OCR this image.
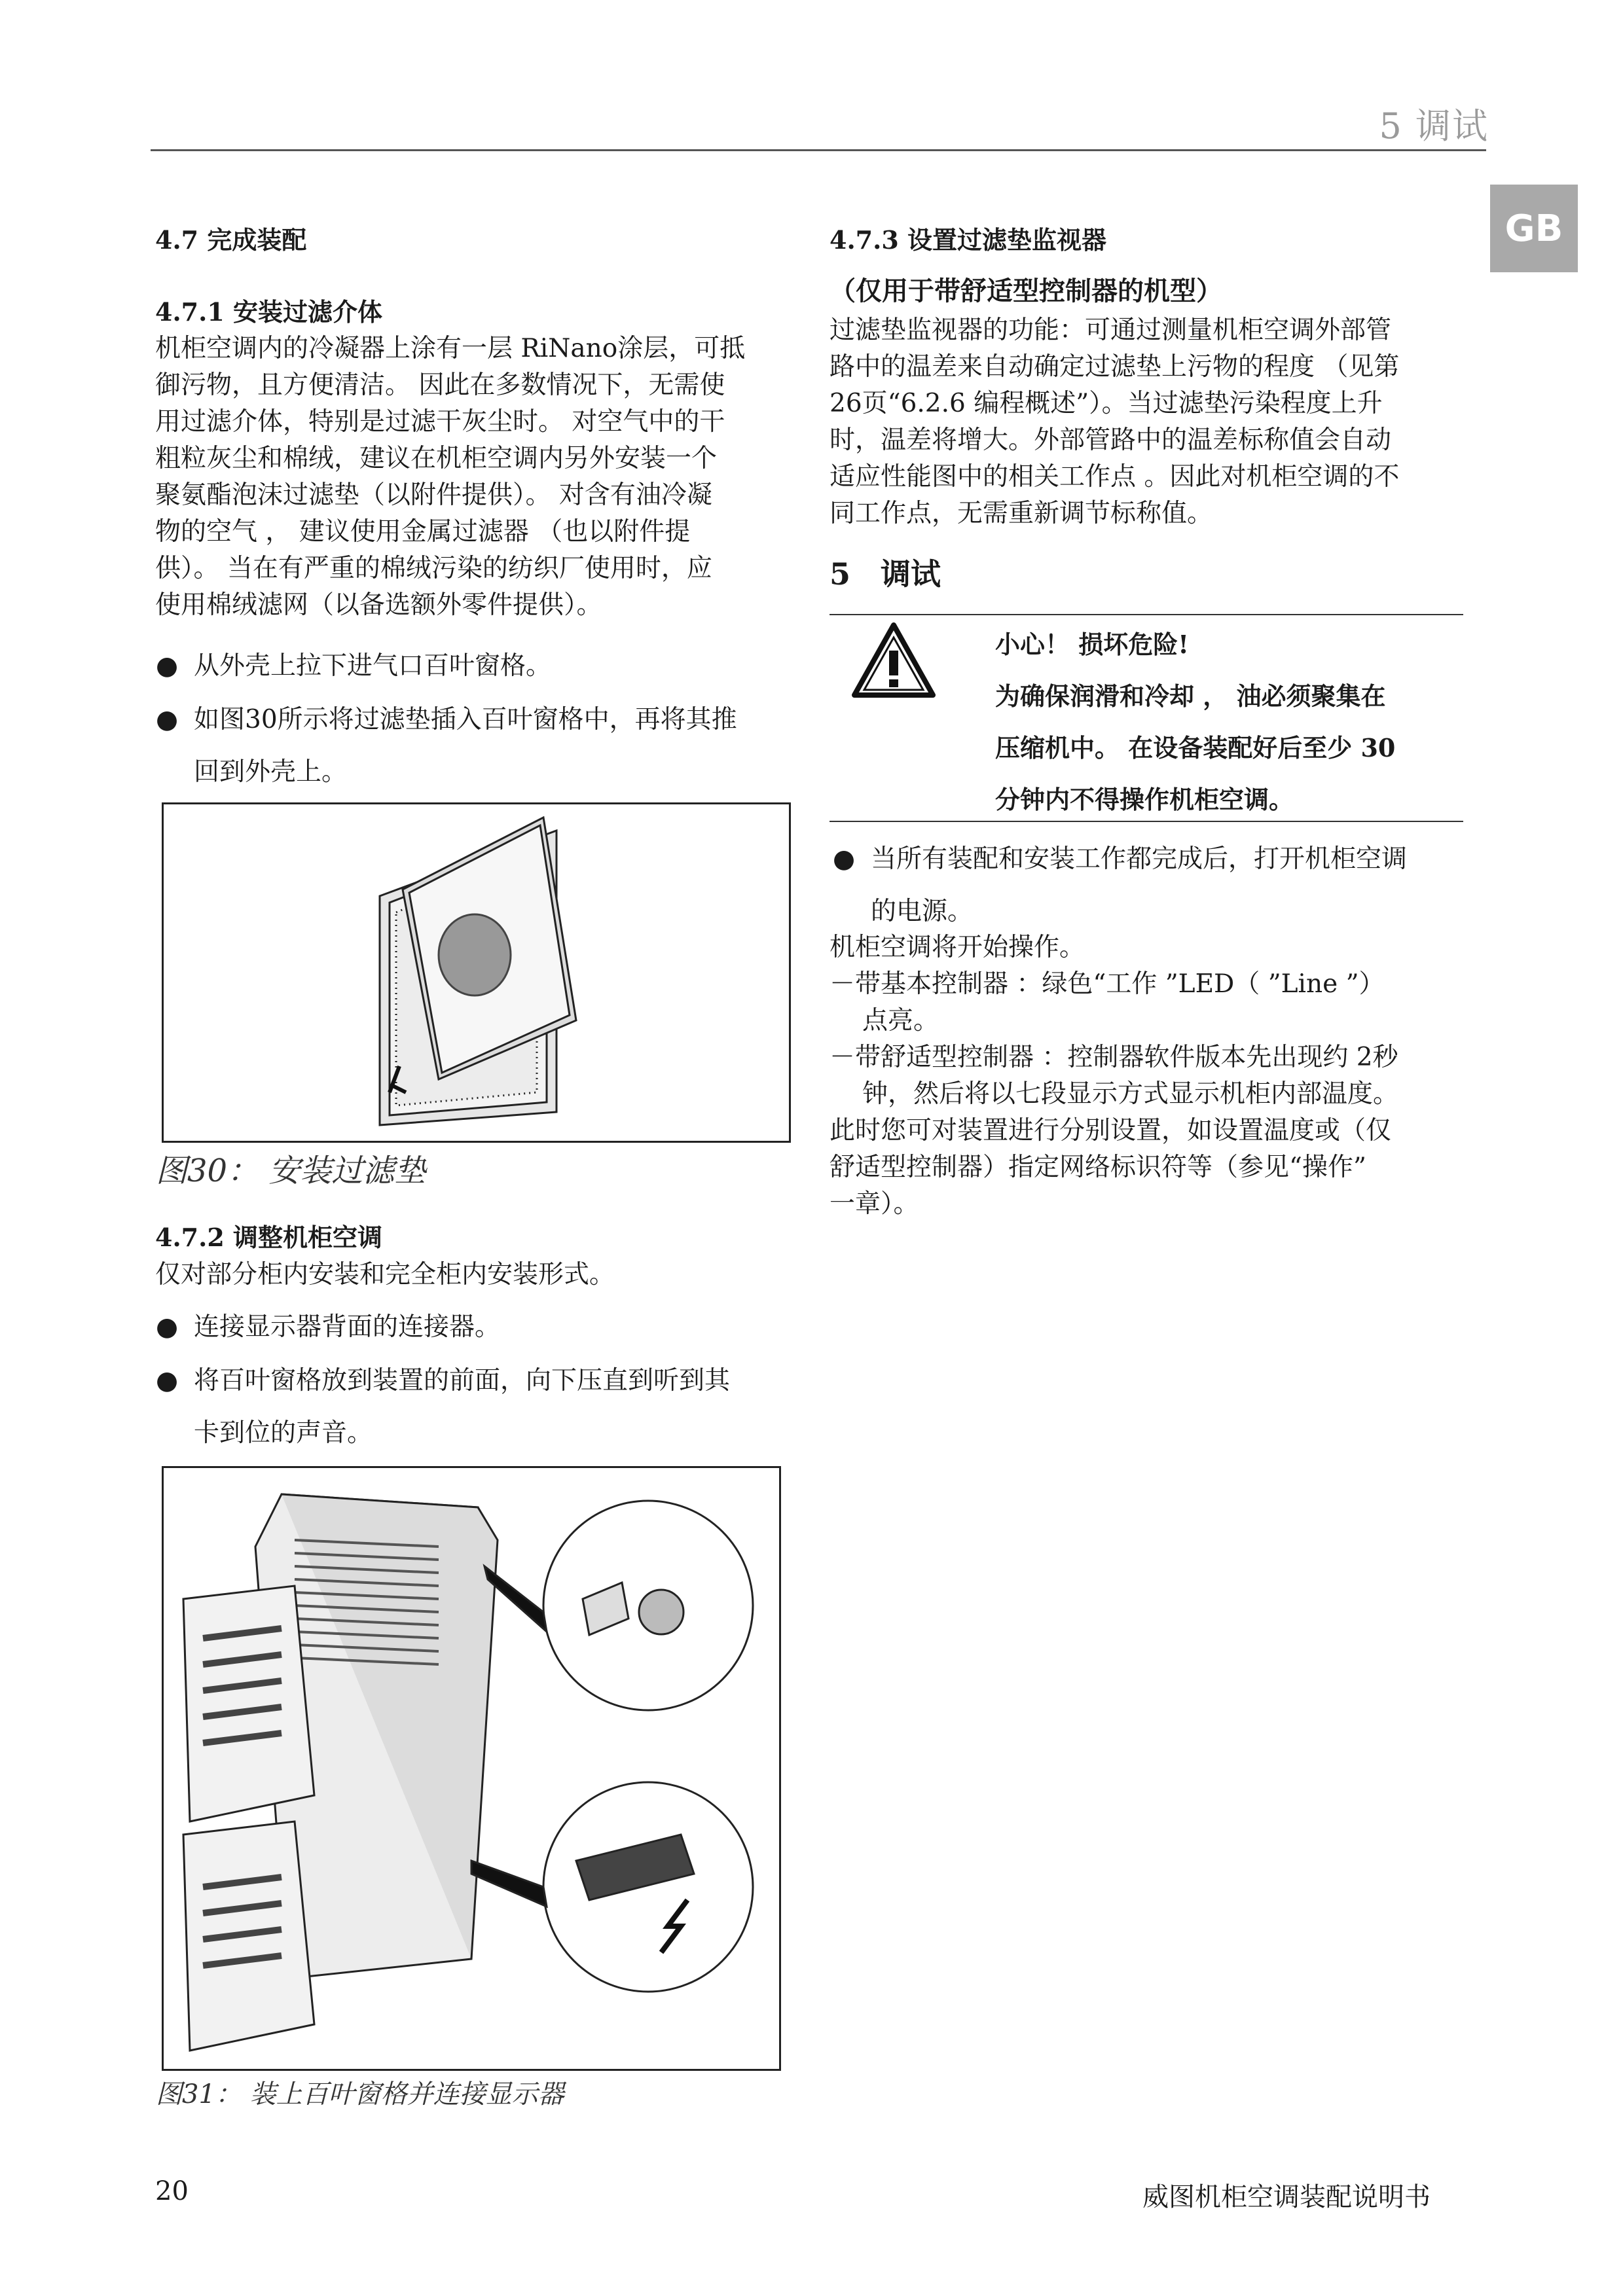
5 调试
GB
4.7 完成装配
4.7.1 安装过滤介体

机柜空调内的冷凝器上涂有一层 RiNano涂层，可抵

御污物，且方便清洁。 因此在多数情况下，无需使

用过滤介体，特别是过滤干灰尘时。 对空气中的干

粗粒灰尘和棉绒，建议在机柜空调内另外安装一个

聚氨酯泡沫过滤垫（以附件提供）。 对含有油冷凝

物的空气 ， 建议使用金属过滤器 （也以附件提

供）。 当在有严重的棉绒污染的纺织厂使用时，应

使用棉绒滤网（以备选额外零件提供）。

● 从外壳上拉下进气口百叶窗格。
● 如图30所示将过滤垫插入百叶窗格中，再将其推
回到外壳上。
图30： 安装过滤垫
4.7.2 调整机柜空调
仅对部分柜内安装和完全柜内安装形式。
● 连接显示器背面的连接器。
● 将百叶窗格放到装置的前面，向下压直到听到其
卡到位的声音。
图31： 装上百叶窗格并连接显示器
4.7.3 设置过滤垫监视器
（仅用于带舒适型控制器的机型）

过滤垫监视器的功能：可通过测量机柜空调外部管

路中的温差来自动确定过滤垫上污物的程度 （见第

26页“6.2.6 编程概述”）。当过滤垫污染程度上升

时，温差将增大。外部管路中的温差标称值会自动

适应性能图中的相关工作点 。因此对机柜空调的不

同工作点，无需重新调节标称值。

5　调试
小心！ 损坏危险!
为确保润滑和冷却 ， 油必须聚集在
压缩机中。 在设备装配好后至少 30
分钟内不得操作机柜空调。
● 当所有装配和安装工作都完成后，打开机柜空调
的电源。

机柜空调将开始操作。

－带基本控制器 ：绿色“工作 ”LED（ ”Line ”）

点亮。

－带舒适型控制器 ：控制器软件版本先出现约 2秒

钟，然后将以七段显示方式显示机柜内部温度。

此时您可对装置进行分别设置，如设置温度或（仅

舒适型控制器）指定网络标识符等（参见“操作”

一章）。

20	威图机柜空调装配说明书
